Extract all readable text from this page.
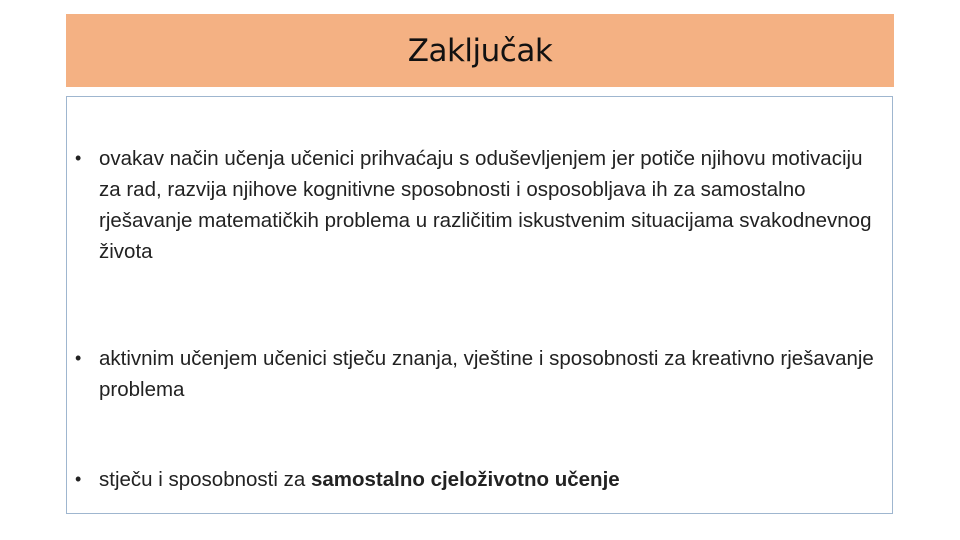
Zaključak
• ovakav način učenja učenici prihvaćaju s oduševljenjem jer potiče njihovu motivaciju za rad, razvija njihove kognitivne sposobnosti i osposobljava ih za samostalno rješavanje matematičkih problema u različitim iskustvenim situacijama svakodnevnog života
• aktivnim učenjem učenici stječu znanja, vještine i sposobnosti za kreativno rješavanje problema
• stječu i sposobnosti za samostalno cjeloživotno učenje
